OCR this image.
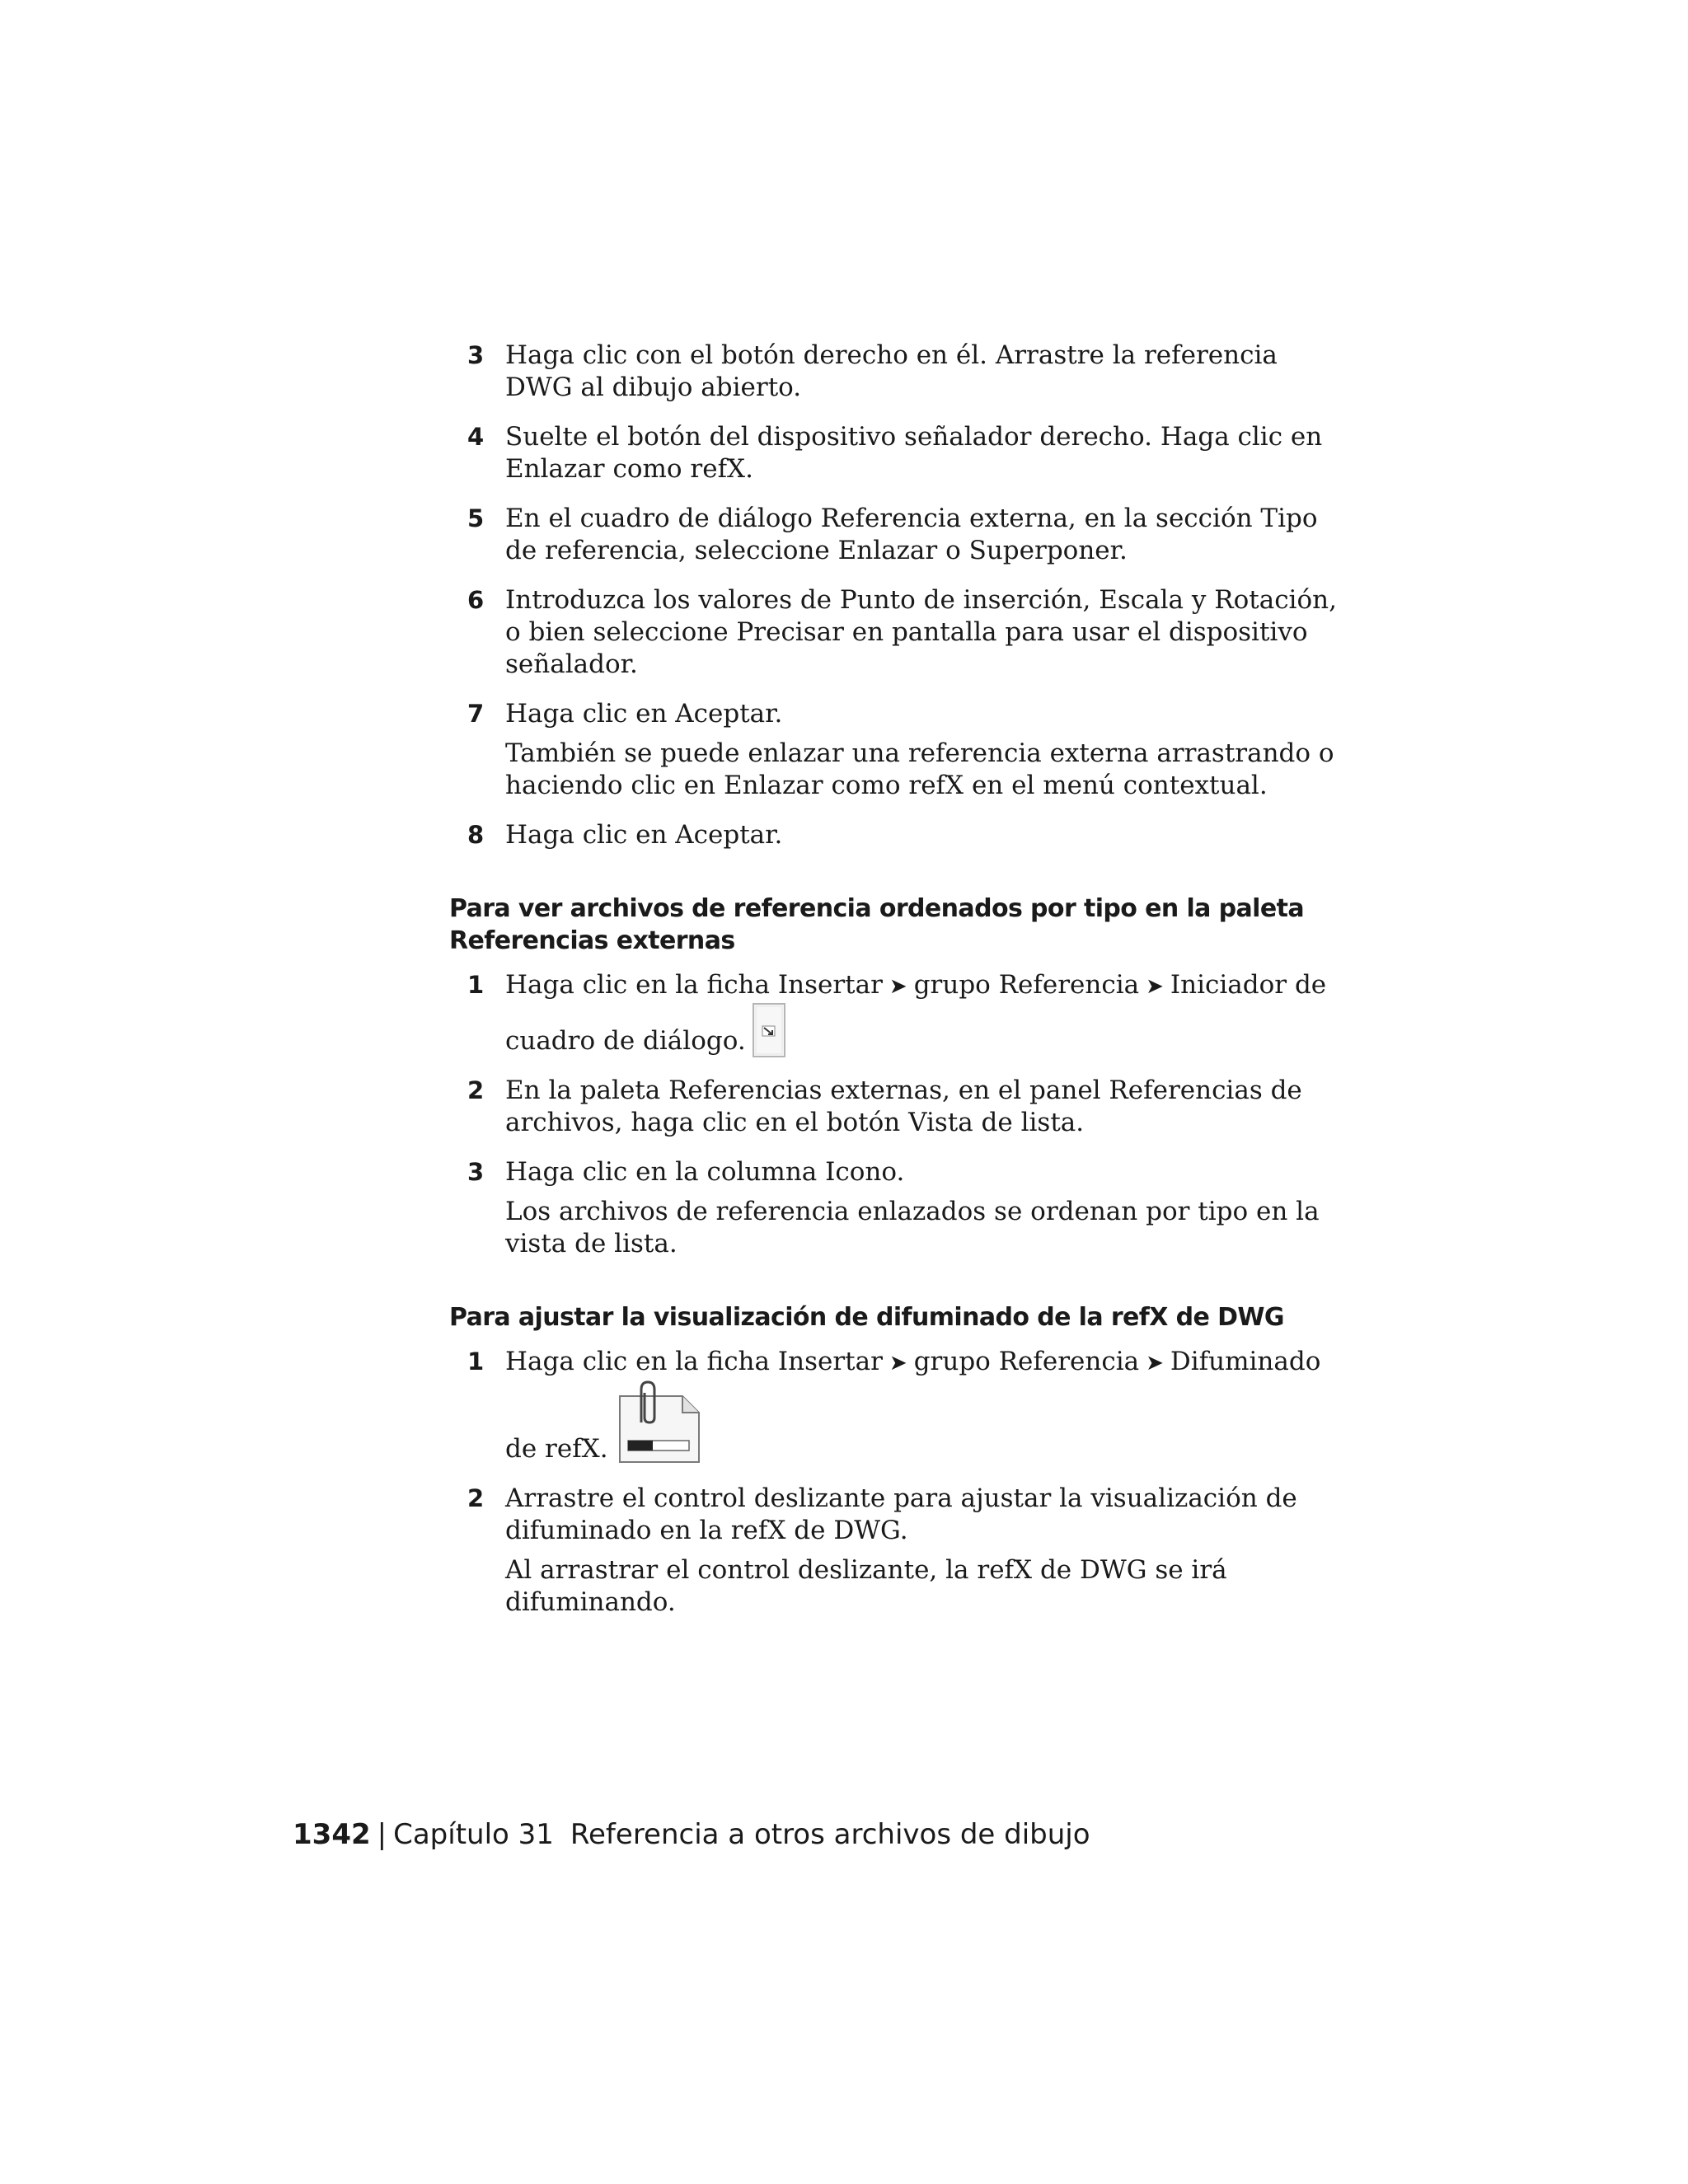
3 Haga clic con el botón derecho en él. Arrastre la referencia DWG al dibujo abierto.
4 Suelte el botón del dispositivo señalador derecho. Haga clic en Enlazar como refX.
5 En el cuadro de diálogo Referencia externa, en la sección Tipo de referencia, seleccione Enlazar o Superponer.
6 Introduzca los valores de Punto de inserción, Escala y Rotación, o bien seleccione Precisar en pantalla para usar el dispositivo señalador.
7 Haga clic en Aceptar.
También se puede enlazar una referencia externa arrastrando o haciendo clic en Enlazar como refX en el menú contextual.
8 Haga clic en Aceptar.
Para ver archivos de referencia ordenados por tipo en la paleta Referencias externas
1 Haga clic en la ficha Insertar ➤ grupo Referencia ➤ Iniciador de cuadro de diálogo.
2 En la paleta Referencias externas, en el panel Referencias de archivos, haga clic en el botón Vista de lista.
3 Haga clic en la columna Icono.
Los archivos de referencia enlazados se ordenan por tipo en la vista de lista.
Para ajustar la visualización de difuminado de la refX de DWG
1 Haga clic en la ficha Insertar ➤ grupo Referencia ➤ Difuminado de refX.
2 Arrastre el control deslizante para ajustar la visualización de difuminado en la refX de DWG.
Al arrastrar el control deslizante, la refX de DWG se irá difuminando.
1342 | Capítulo 31 Referencia a otros archivos de dibujo
